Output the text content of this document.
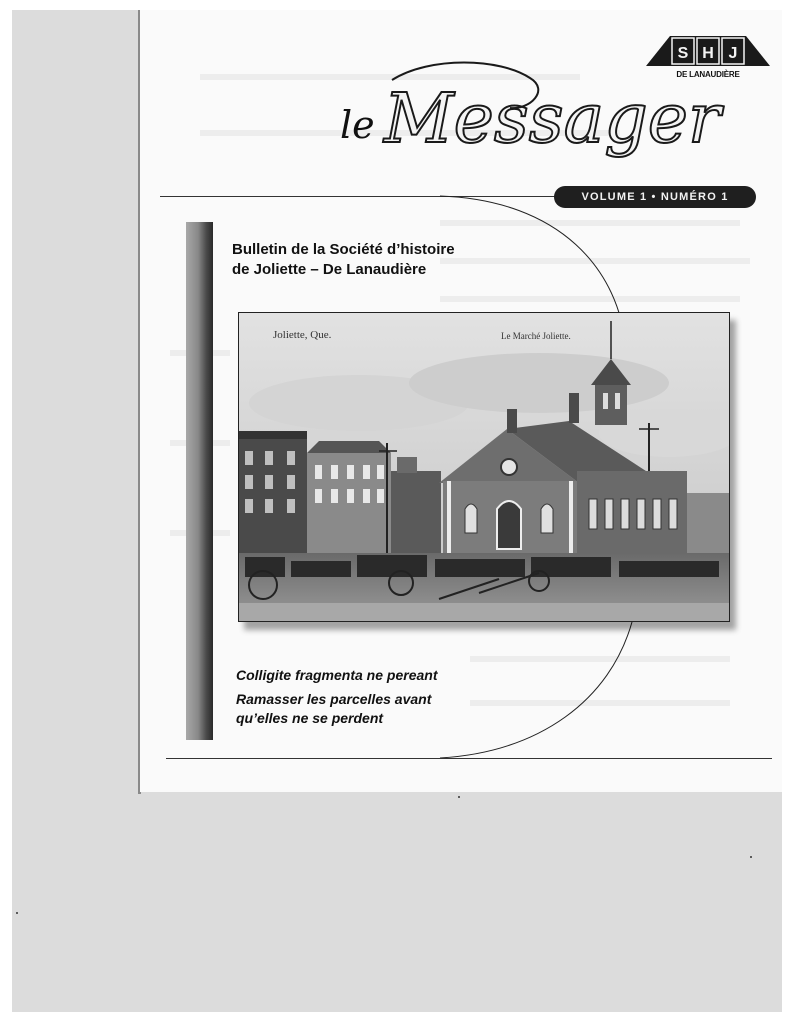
le Messager
S H J
DE LANAUDIÈRE
VOLUME 1 • NUMÉRO 1
Bulletin de la Société d’histoire
de Joliette – De Lanaudière
Joliette, Que.	Le Marché Joliette.
Colligite fragmenta ne pereant
Ramasser les parcelles avant
qu’elles ne se perdent
